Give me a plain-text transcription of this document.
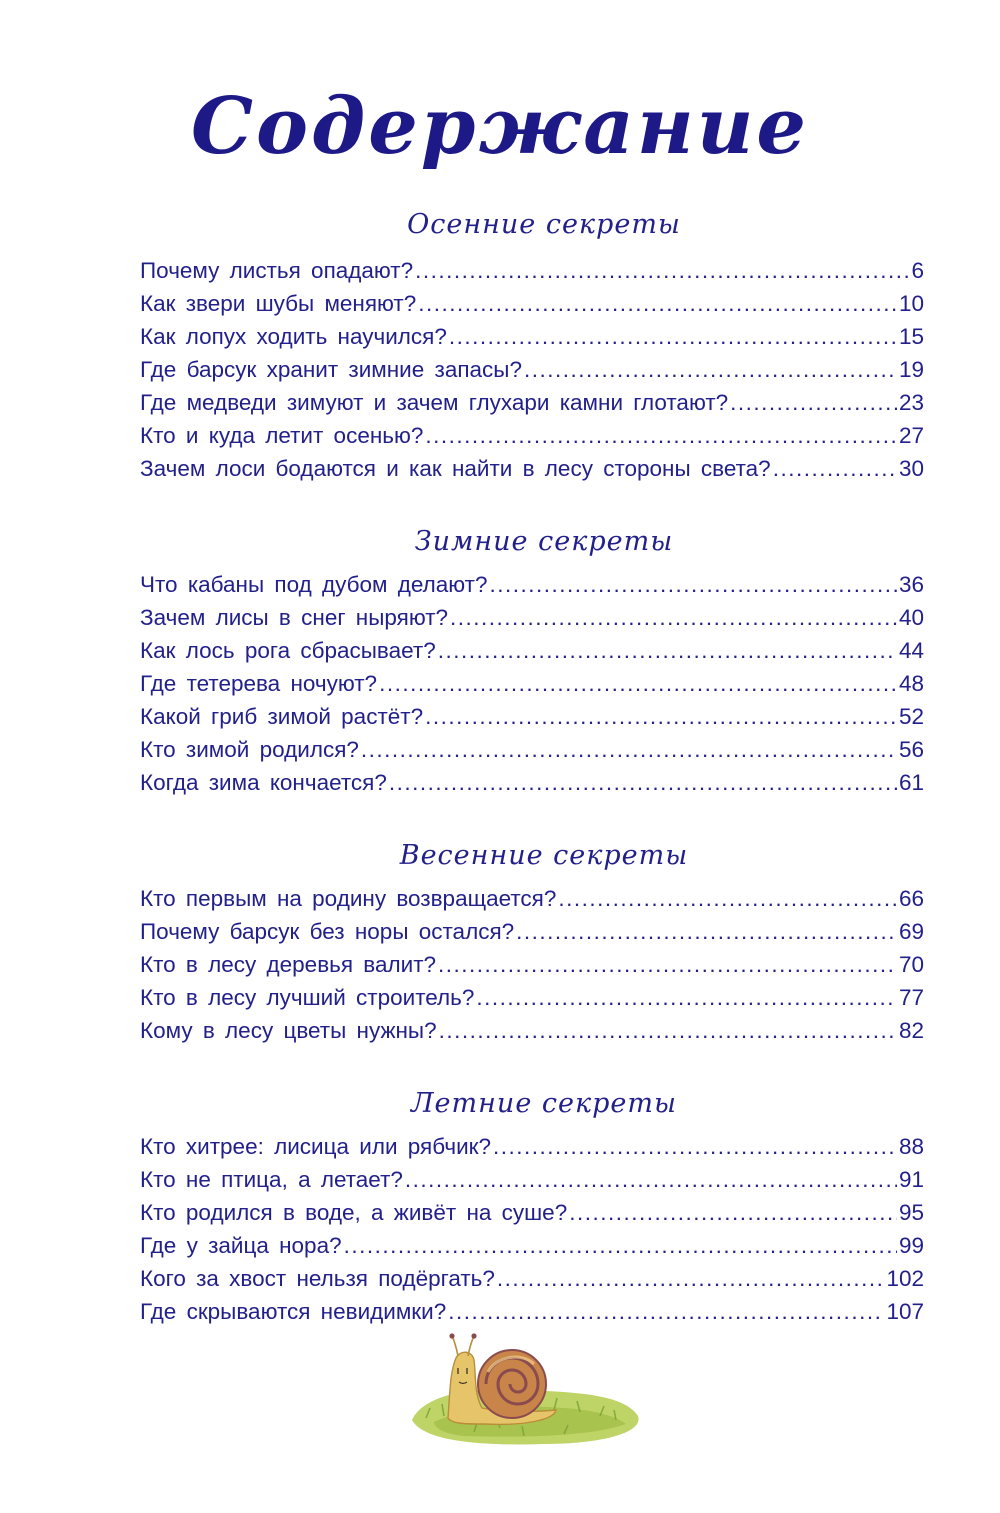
Содержание
Осенние секреты
Почему листья опадают? .....	6
Как звери шубы меняют? .....	10
Как лопух ходить научился? .....	15
Где барсук хранит зимние запасы? .....	19
Где медведи зимуют и зачем глухари камни глотают? .....	23
Кто и куда летит осенью? .....	27
Зачем лоси бодаются и как найти в лесу стороны света? .....	30
Зимние секреты
Что кабаны под дубом делают? .....	36
Зачем лисы в снег ныряют? .....	40
Как лось рога сбрасывает? .....	44
Где тетерева ночуют? .....	48
Какой гриб зимой растёт? .....	52
Кто зимой родился? .....	56
Когда зима кончается? .....	61
Весенние секреты
Кто первым на родину возвращается? .....	66
Почему барсук без норы остался? .....	69
Кто в лесу деревья валит? .....	70
Кто в лесу лучший строитель? .....	77
Кому в лесу цветы нужны? .....	82
Летние секреты
Кто хитрее: лисица или рябчик? .....	88
Кто не птица, а летает? .....	91
Кто родился в воде, а живёт на суше? .....	95
Где у зайца нора? .....	99
Кого за хвост нельзя подёргать? .....	102
Где скрываются невидимки? .....	107
